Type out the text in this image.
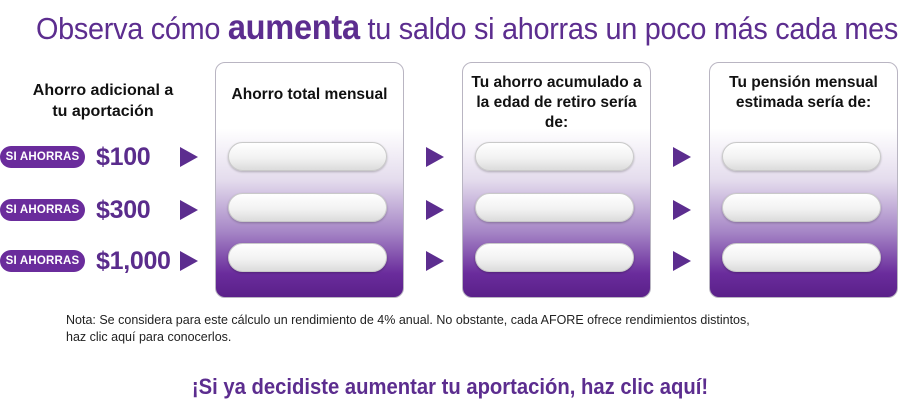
Observa cómo aumenta tu saldo si ahorras un poco más cada mes
Ahorro adicional a
tu aportación
SI AHORRAS $100
SI AHORRAS $300
SI AHORRAS $1,000
Ahorro total mensual
Tu ahorro acumulado a
la edad de retiro sería de:
Tu pensión mensual
estimada sería de:
Nota: Se considera para este cálculo un rendimiento de 4% anual. No obstante, cada AFORE ofrece rendimientos distintos,
haz clic aquí para conocerlos.
¡Si ya decidiste aumentar tu aportación, haz clic aquí!
